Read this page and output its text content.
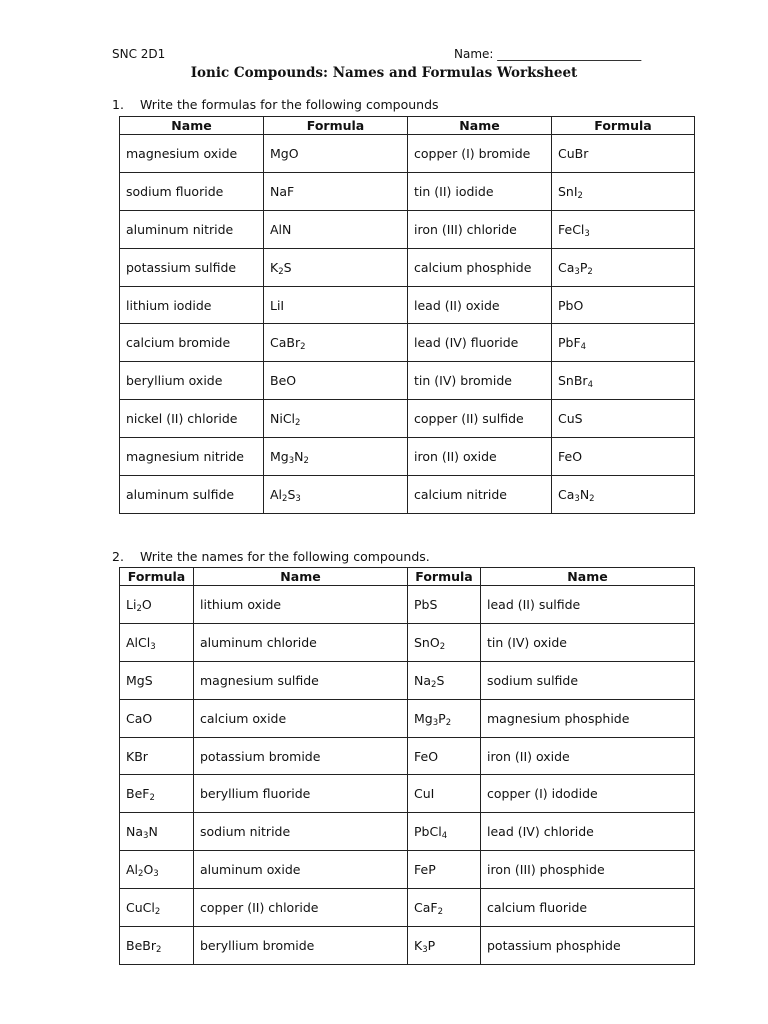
SNC 2D1	Name: ________________________
Ionic Compounds: Names and Formulas Worksheet
1. Write the formulas for the following compounds
Name	Formula	Name	Formula
magnesium oxide	MgO	copper (I) bromide	CuBr
sodium fluoride	NaF	tin (II) iodide	SnI$_2$
aluminum nitride	AlN	iron (III) chloride	FeCl$_3$
potassium sulfide	$K_2S$	calcium phosphide	$Ca_3P_2$
lithium iodide	LiI	lead (II) oxide	PbO
calcium bromide	CaBr$_2$	lead (IV) fluoride	PbF$_4$
beryllium oxide	BeO	tin (IV) bromide	SnBr$_4$
nickel (II) chloride	NiCl$_2$	copper (II) sulfide	CuS
magnesium nitride	$Mg_3N_2$	iron (II) oxide	FeO
aluminum sulfide	$Al_2S_3$	calcium nitride	$Ca_3N_2$
2. Write the names for the following compounds.
Formula	Name	Formula	Name
$Li_2O$	lithium oxide	PbS	lead (II) sulfide
AlCl$_3$	aluminum chloride	SnO$_2$	tin (IV) oxide
MgS	magnesium sulfide	$Na_2S$	sodium sulfide
CaO	calcium oxide	$Mg_3P_2$	magnesium phosphide
KBr	potassium bromide	FeO	iron (II) oxide
BeF$_2$	beryllium fluoride	CuI	copper (I) idodide
$Na_3N$	sodium nitride	PbCl$_4$	lead (IV) chloride
$Al_2O_3$	aluminum oxide	FeP	iron (III) phosphide
CuCl$_2$	copper (II) chloride	CaF$_2$	calcium fluoride
BeBr$_2$	beryllium bromide	$K_3P$	potassium phosphide
